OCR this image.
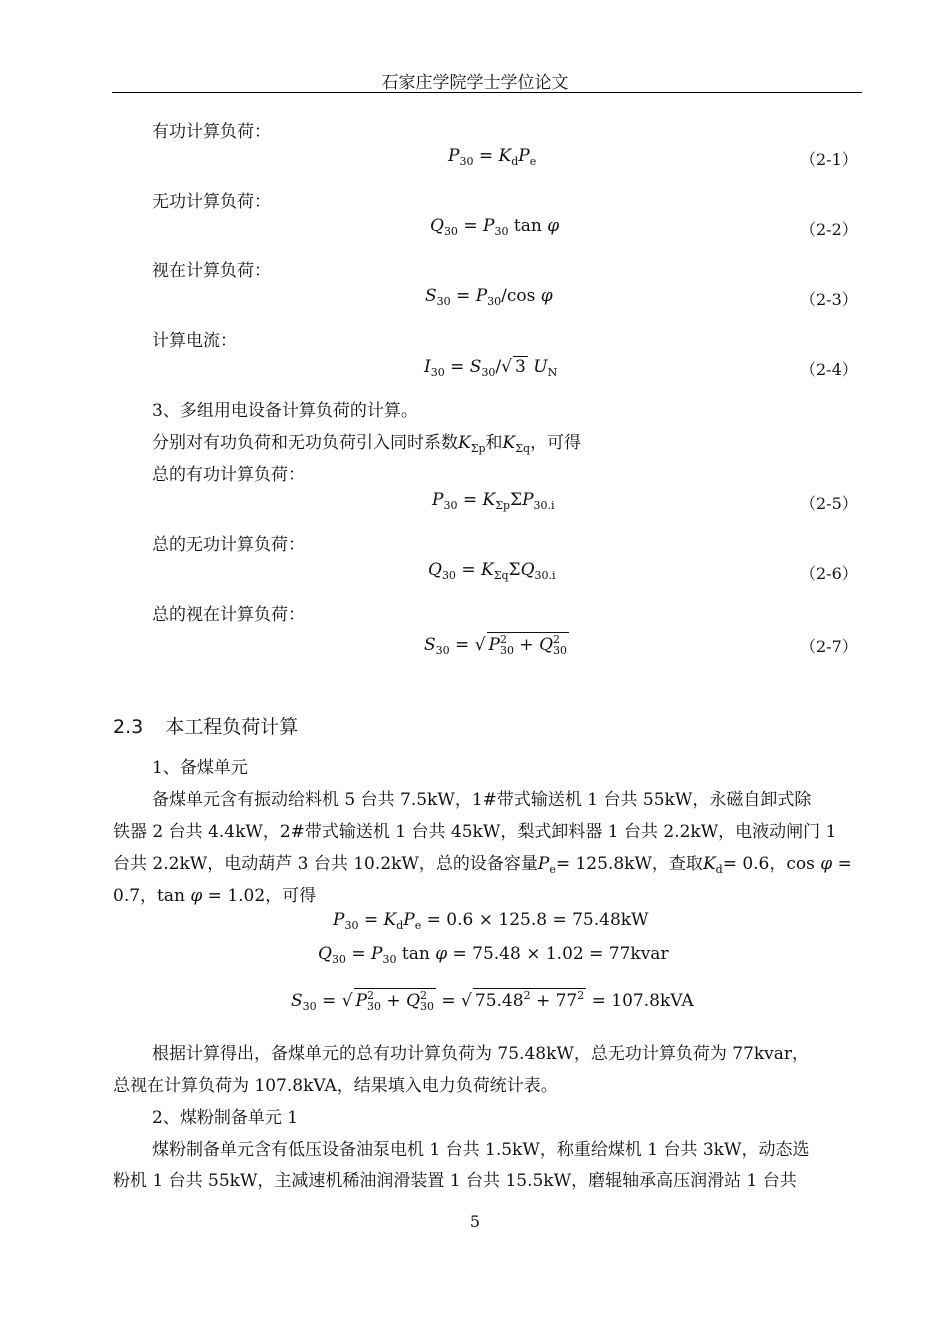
石家庄学院学士学位论文
有功计算负荷：
$P_{30} = K_dP_e$	（2-1）
无功计算负荷：
$Q_{30} = P_{30}$ tan φ	（2-2）
视在计算负荷：
$S_{30} = P_{30}/\cos$ φ	（2-3）
计算电流：
$I_{30} = S_{30}/√$ 3 $U_N$	（2-4）
3、多组用电设备计算负荷的计算。
分别对有功负荷和无功负荷引入同时系数$K_{\Sigma p}$和$K_{\Sigma q}$，可得
总的有功计算负荷：
$P_{30} = K_{\Sigma p}\Sigma P_{30.i}$	（2-5）
总的无功计算负荷：
$Q_{30} = K_{\Sigma q}\Sigma Q_{30.i}$	（2-6）
总的视在计算负荷：
$S_{30}$ = √ $P^2_{30} + Q^2_{30}$	（2-7）
2.3 本工程负荷计算
1、备煤单元
备煤单元含有振动给料机 5 台共 7.5kW，1#带式输送机 1 台共 55kW，永磁自卸式除
铁器 2 台共 4.4kW，2#带式输送机 1 台共 45kW，梨式卸料器 1 台共 2.2kW，电液动闸门 1
台共 2.2kW，电动葫芦 3 台共 10.2kW，总的设备容量$P_e= 125.8kW$，查取$K_d= 0.6$，cos φ =
0.7，tan φ = 1.02，可得
$P_{30} = K_dP_e = 0.6 \times 125.8 = 75.48kW$
$Q_{30} = P_{30}$ tan φ = 75.48 × 1.02 = 77kvar
$S_{30}$ = √ $P^2_{30} + Q^2_{30}$ = √ $75.48^2 + 77^2 = 107.8kVA$
根据计算得出，备煤单元的总有功计算负荷为 75.48kW，总无功计算负荷为 77kvar，
总视在计算负荷为 107.8kVA，结果填入电力负荷统计表。
2、煤粉制备单元 1
煤粉制备单元含有低压设备油泵电机 1 台共 1.5kW，称重给煤机 1 台共 3kW，动态选
粉机 1 台共 55kW，主减速机稀油润滑装置 1 台共 15.5kW，磨辊轴承高压润滑站 1 台共
5
